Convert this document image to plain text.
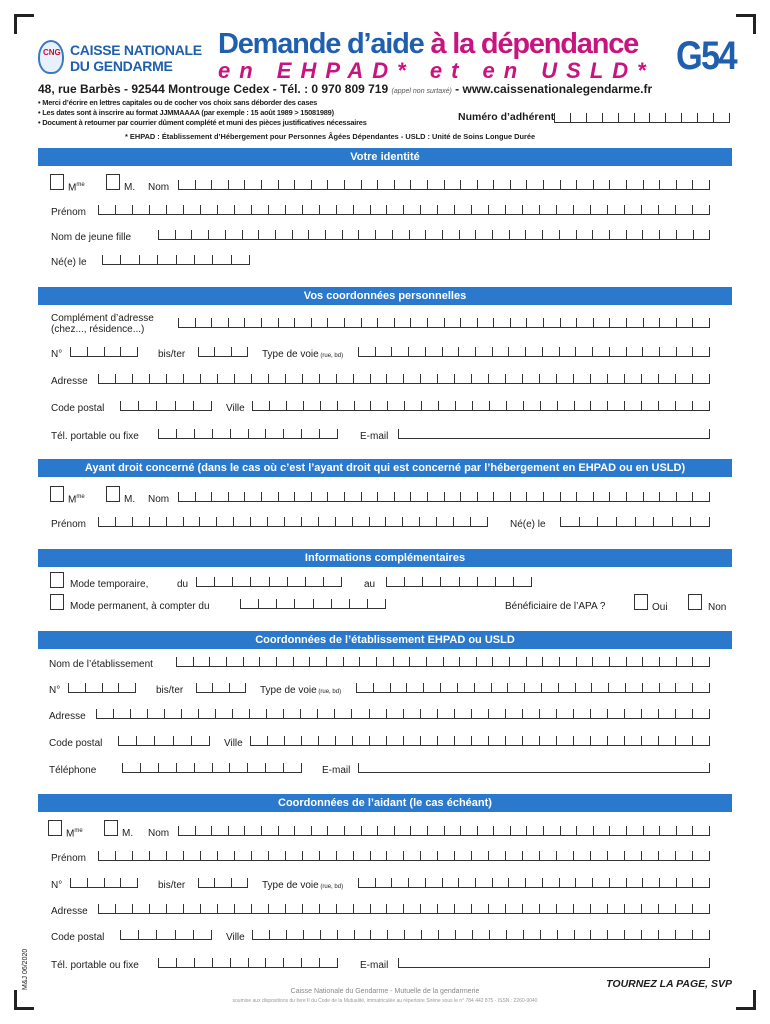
CNG CAISSE NATIONALE
DU GENDARME
Demande d’aide à la dépendance
en EHPAD* et en USLD* G54
48, rue Barbès - 92544 Montrouge Cedex - Tél. : 0 970 809 719 (appel non surtaxé) - www.caissenationalegendarme.fr
• Merci d’écrire en lettres capitales ou de cocher vos choix sans déborder des cases
• Les dates sont à inscrire au format JJMMAAAA (par exemple : 15 août 1989 > 15081989)
• Document à retourner par courrier dûment complété et muni des pièces justificatives nécessaires	Numéro d’adhérent
* EHPAD : Établissement d’Hébergement pour Personnes Âgées Dépendantes - USLD : Unité de Soins Longue Durée
Votre identité
$M^{me}$	M. Nom
Prénom
Nom de jeune fille
Né(e) le
Vos coordonnées personnelles
Complément d’adresse
(chez..., résidence...)
N°	bis/ter	Type de voie (rue, bd)
Adresse
Code postal	Ville
Tél. portable ou fixe	E-mail
Ayant droit concerné (dans le cas où c’est l’ayant droit qui est concerné par l’hébergement en EHPAD ou en USLD)
$M^{me}$	M. Nom
Prénom	Né(e) le
Informations complémentaires
Mode temporaire,	du	au
Mode permanent, à compter du	Bénéficiaire de l’APA ?	Oui	Non
Coordonnées de l’établissement EHPAD ou USLD
Nom de l’établissement
N°	bis/ter	Type de voie (rue, bd)
Adresse
Code postal	Ville
Téléphone	E-mail
Coordonnées de l’aidant (le cas échéant)
$M^{me}$	M. Nom
Prénom
N°	bis/ter	Type de voie (rue, bd)
Adresse
Code postal	Ville
Tél. portable ou fixe	E-mail
TOURNEZ LA PAGE, SVP
Caisse Nationale du Gendarme - Mutuelle de la gendarmerie
soumise aux dispositions du livre II du Code de la Mutualité, immatriculée au répertoire Sirène sous le n° 784 442 875 - ISSN : 2260-9040
M&J 06/2020
